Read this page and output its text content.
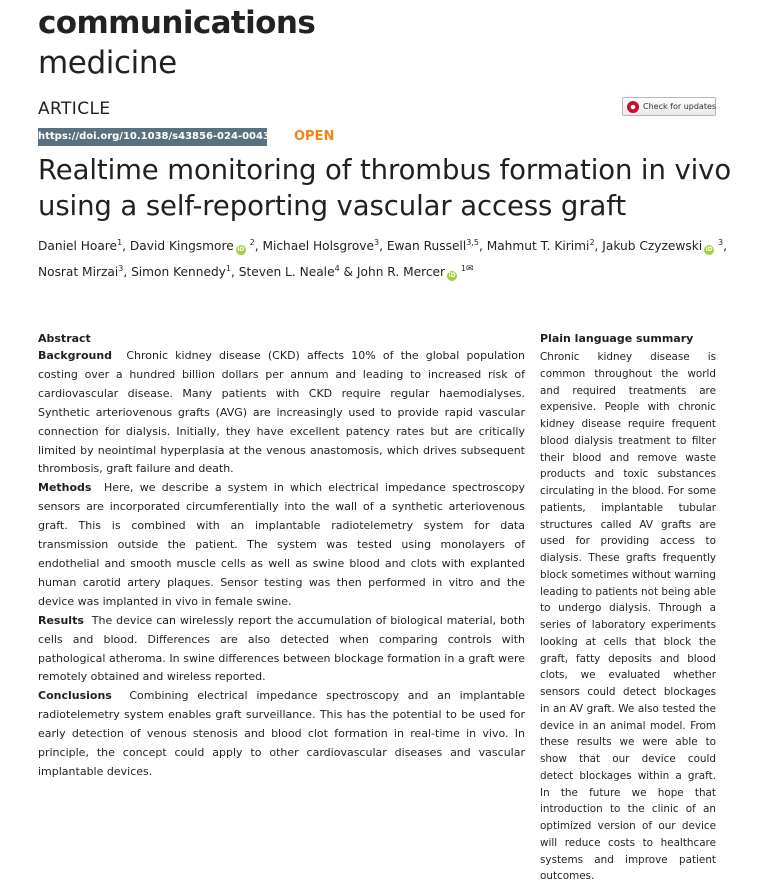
communications
medicine
ARTICLE	Check for updates
https://doi.org/10.1038/s43856-024-00436-8 OPEN
Realtime monitoring of thrombus formation in vivo using a self-reporting vascular access graft
Daniel Hoare$^1$, David Kingsmore iD $^2$, Michael Holsgrove$^3$, Ewan Russell$^{3,5}$, Mahmut T. Kirimi$^2$, Jakub Czyzewski iD $^3$, Nosrat Mirzai$^3$, Simon Kennedy$^1$, Steven L. Neale$^4$ & John R. Mercer iD $^{1✉}$
Abstract

Background Chronic kidney disease (CKD) affects 10% of the global population costing over a hundred billion dollars per annum and leading to increased risk of cardiovascular disease. Many patients with CKD require regular haemodialyses. Synthetic arteriovenous grafts (AVG) are increasingly used to provide rapid vascular connection for dialysis. Initially, they have excellent patency rates but are critically limited by neointimal hyperplasia at the venous anastomosis, which drives subsequent thrombosis, graft failure and death.

Methods Here, we describe a system in which electrical impedance spectroscopy sensors are incorporated circumferentially into the wall of a synthetic arteriovenous graft. This is combined with an implantable radiotelemetry system for data transmission outside the patient. The system was tested using monolayers of endothelial and smooth muscle cells as well as swine blood and clots with explanted human carotid artery plaques. Sensor testing was then performed in vitro and the device was implanted in vivo in female swine.

Results The device can wirelessly report the accumulation of biological material, both cells and blood. Differences are also detected when comparing controls with pathological atheroma. In swine differences between blockage formation in a graft were remotely obtained and wireless reported.

Conclusions Combining electrical impedance spectroscopy and an implantable radiotelemetry system enables graft surveillance. This has the potential to be used for early detection of venous stenosis and blood clot formation in real-time in vivo. In principle, the concept could apply to other cardiovascular diseases and vascular implantable devices.

Plain language summary

Chronic kidney disease is common throughout the world and required treatments are expensive. People with chronic kidney disease require frequent blood dialysis treatment to filter their blood and remove waste products and toxic substances circulating in the blood. For some patients, implantable tubular structures called AV grafts are used for providing access to dialysis. These grafts frequently block sometimes without warning leading to patients not being able to undergo dialysis. Through a series of laboratory experiments looking at cells that block the graft, fatty deposits and blood clots, we evaluated whether sensors could detect blockages in an AV graft. We also tested the device in an animal model. From these results we were able to show that our device could detect blockages within a graft. In the future we hope that introduction to the clinic of an optimized version of our device will reduce costs to healthcare systems and improve patient outcomes.
